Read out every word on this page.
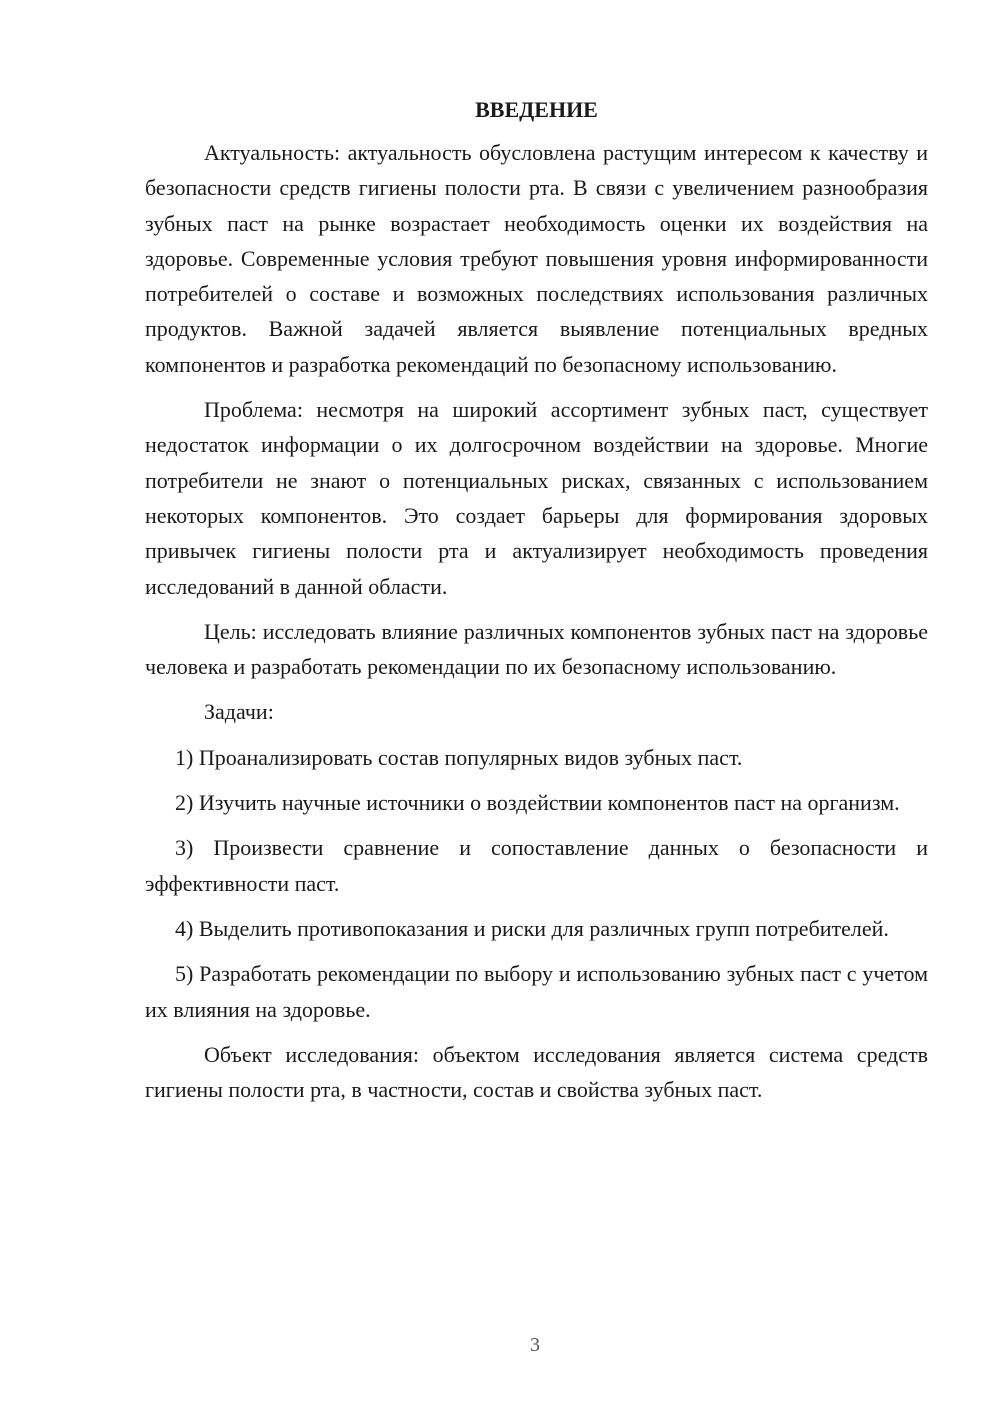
ВВЕДЕНИЕ

Актуальность: актуальность обусловлена растущим интересом к качеству и безопасности средств гигиены полости рта. В связи с увеличением разнообразия зубных паст на рынке возрастает необходимость оценки их воздействия на здоровье. Современные условия требуют повышения уровня информированности потребителей о составе и возможных последствиях использования различных продуктов. Важной задачей является выявление потенциальных вредных компонентов и разработка рекомендаций по безопасному использованию.

Проблема: несмотря на широкий ассортимент зубных паст, существует недостаток информации о их долгосрочном воздействии на здоровье. Многие потребители не знают о потенциальных рисках, связанных с использованием некоторых компонентов. Это создает барьеры для формирования здоровых привычек гигиены полости рта и актуализирует необходимость проведения исследований в данной области.

Цель: исследовать влияние различных компонентов зубных паст на здоровье человека и разработать рекомендации по их безопасному использованию.

Задачи:

1) Проанализировать состав популярных видов зубных паст.

2) Изучить научные источники о воздействии компонентов паст на организм.

3) Произвести сравнение и сопоставление данных о безопасности и эффективности паст.

4) Выделить противопоказания и риски для различных групп потребителей.

5) Разработать рекомендации по выбору и использованию зубных паст с учетом их влияния на здоровье.

Объект исследования: объектом исследования является система средств гигиены полости рта, в частности, состав и свойства зубных паст.

3
